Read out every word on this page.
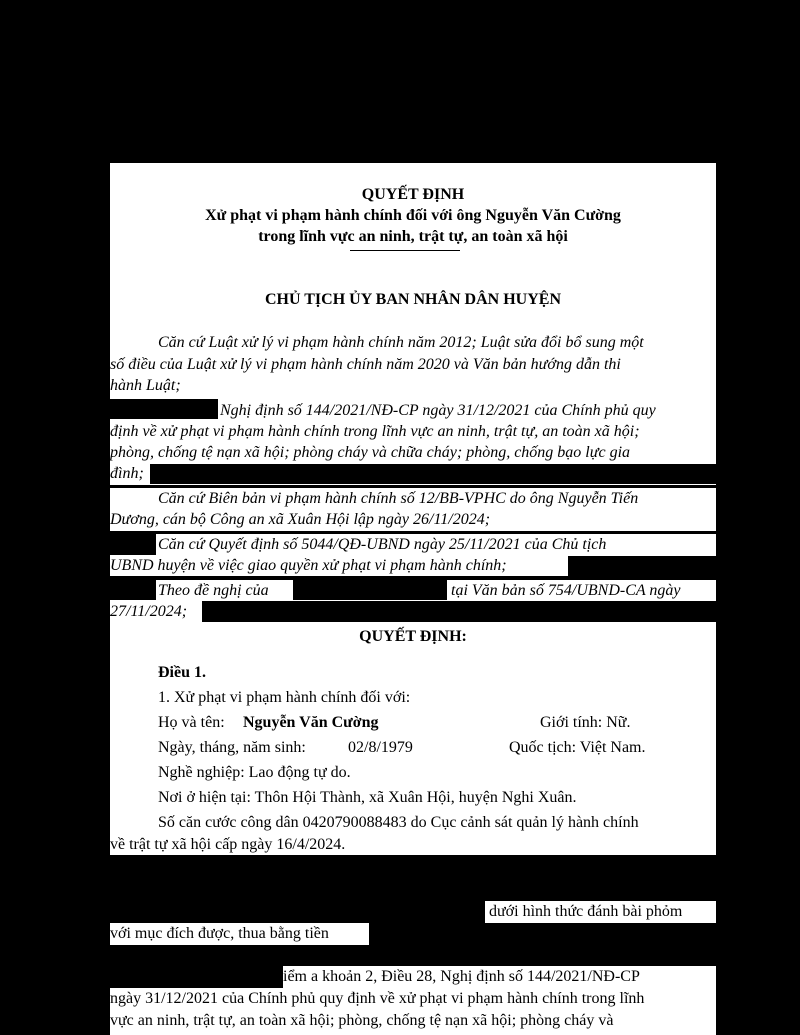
QUYẾT ĐỊNH
Xử phạt vi phạm hành chính đối với ông Nguyễn Văn Cường
trong lĩnh vực an ninh, trật tự, an toàn xã hội
CHỦ TỊCH ỦY BAN NHÂN DÂN HUYỆN
Căn cứ Luật xử lý vi phạm hành chính năm 2012; Luật sửa đổi bổ sung một
số điều của Luật xử lý vi phạm hành chính năm 2020 và Văn bản hướng dẫn thi
hành Luật;
Nghị định số 144/2021/NĐ-CP ngày 31/12/2021 của Chính phủ quy
định về xử phạt vi phạm hành chính trong lĩnh vực an ninh, trật tự, an toàn xã hội;
phòng, chống tệ nạn xã hội; phòng cháy và chữa cháy; phòng, chống bạo lực gia
đình;
Căn cứ Biên bản vi phạm hành chính số 12/BB-VPHC do ông Nguyễn Tiến
Dương, cán bộ Công an xã Xuân Hội lập ngày 26/11/2024;
Căn cứ Quyết định số 5044/QĐ-UBND ngày 25/11/2021 của Chủ tịch
UBND huyện về việc giao quyền xử phạt vi phạm hành chính;
Theo đề nghị của	tại Văn bản số 754/UBND-CA ngày
27/11/2024;
QUYẾT ĐỊNH:
Điều 1.
1. Xử phạt vi phạm hành chính đối với:
Họ và tên: Nguyễn Văn Cường	Giới tính: Nữ.
Ngày, tháng, năm sinh:	02/8/1979	Quốc tịch: Việt Nam.
Nghề nghiệp: Lao động tự do.
Nơi ở hiện tại: Thôn Hội Thành, xã Xuân Hội, huyện Nghi Xuân.
Số căn cước công dân 0420790088483 do Cục cảnh sát quản lý hành chính
về trật tự xã hội cấp ngày 16/4/2024.
dưới hình thức đánh bài phỏm
với mục đích được, thua bằng tiền
iểm a khoản 2, Điều 28, Nghị định số 144/2021/NĐ-CP
ngày 31/12/2021 của Chính phủ quy định về xử phạt vi phạm hành chính trong lĩnh
vực an ninh, trật tự, an toàn xã hội; phòng, chống tệ nạn xã hội; phòng cháy và
